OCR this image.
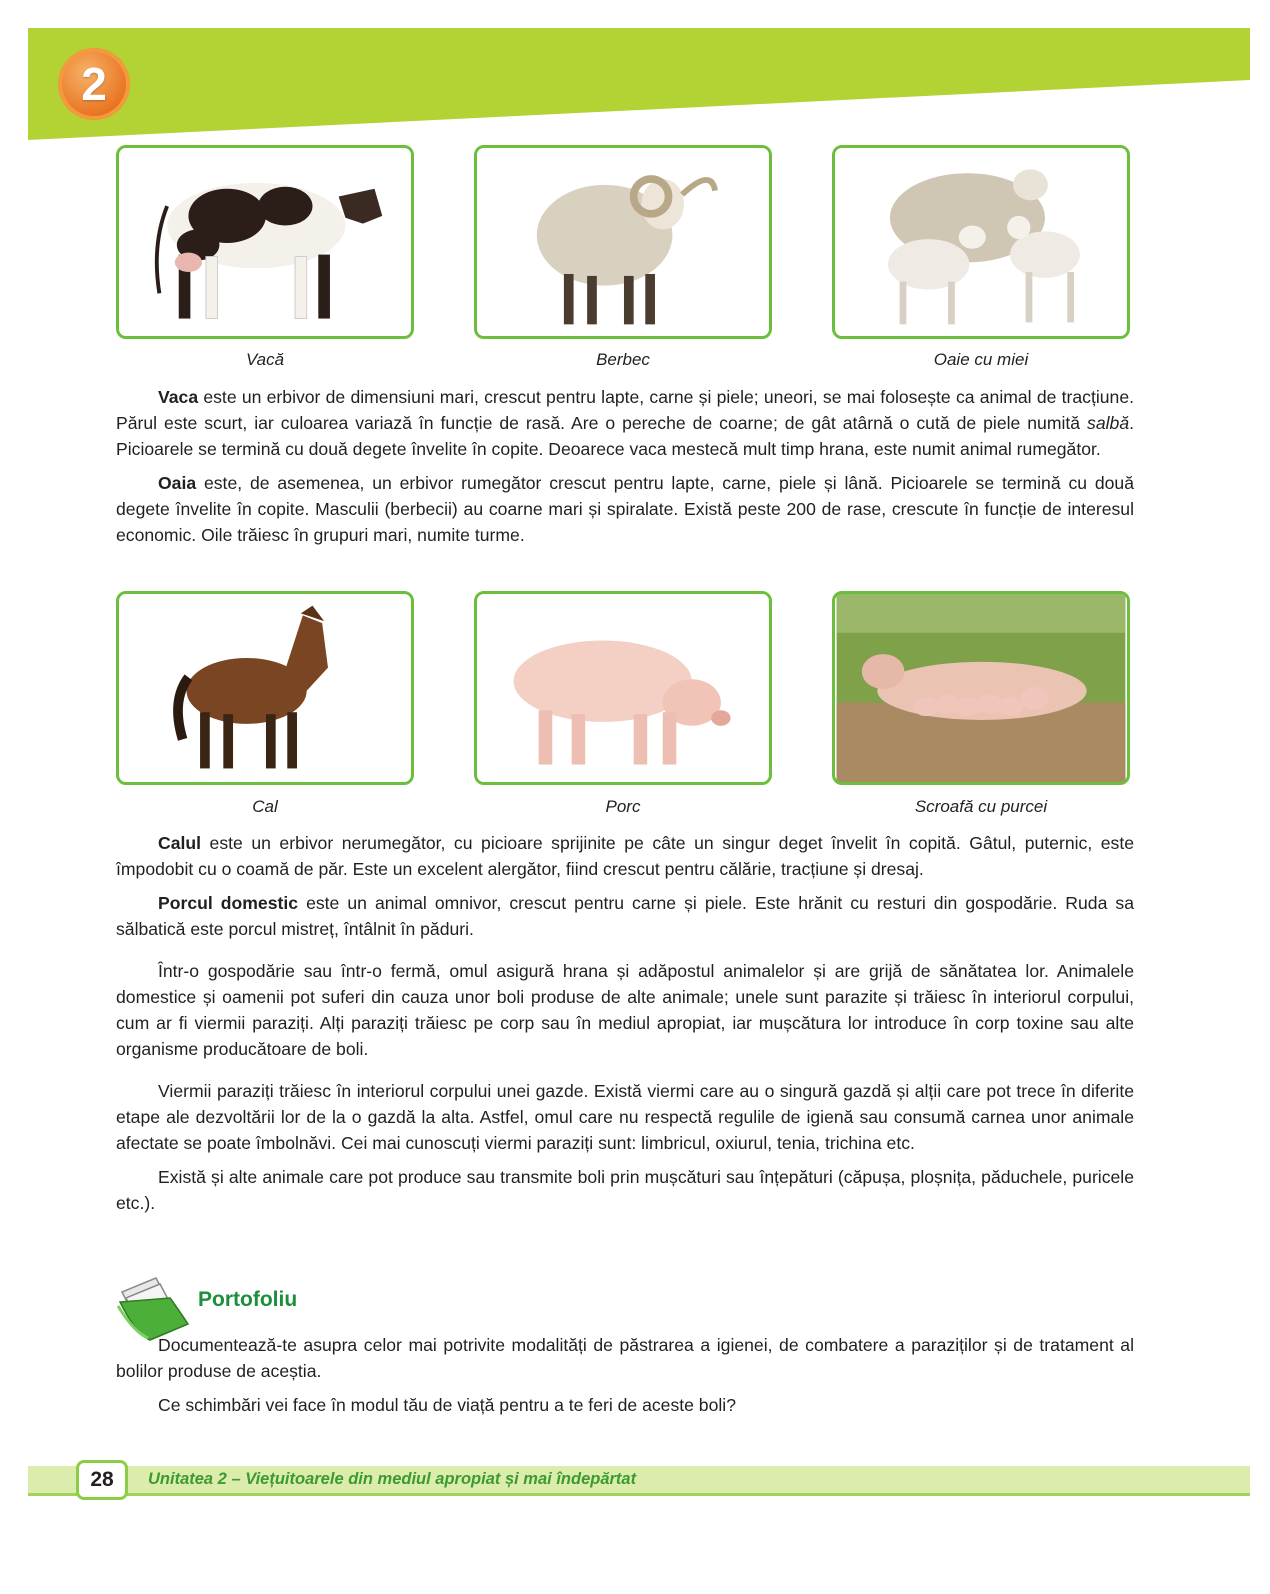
2
Vacă	Berbec	Oaie cu miei

Vaca este un erbivor de dimensiuni mari, crescut pentru lapte, carne și piele; uneori, se mai folosește ca animal de tracțiune. Părul este scurt, iar culoarea variază în funcție de rasă. Are o pereche de coarne; de gât atârnă o cută de piele numită salbă. Picioarele se termină cu două degete învelite în copite. Deoarece vaca mestecă mult timp hrana, este numit animal rumegător.

Oaia este, de asemenea, un erbivor rumegător crescut pentru lapte, carne, piele și lână. Picioarele se termină cu două degete învelite în copite. Masculii (berbecii) au coarne mari și spiralate. Există peste 200 de rase, crescute în funcție de interesul economic. Oile trăiesc în grupuri mari, numite turme.

Cal	Porc	Scroafă cu purcei

Calul este un erbivor nerumegător, cu picioare sprijinite pe câte un singur deget învelit în copită. Gâtul, puternic, este împodobit cu o coamă de păr. Este un excelent alergător, fiind crescut pentru călărie, tracțiune și dresaj.

Porcul domestic este un animal omnivor, crescut pentru carne și piele. Este hrănit cu resturi din gospodărie. Ruda sa sălbatică este porcul mistreț, întâlnit în păduri.

Într-o gospodărie sau într-o fermă, omul asigură hrana și adăpostul animalelor și are grijă de sănătatea lor. Animalele domestice și oamenii pot suferi din cauza unor boli produse de alte animale; unele sunt parazite și trăiesc în interiorul corpului, cum ar fi viermii paraziți. Alți paraziți trăiesc pe corp sau în mediul apropiat, iar mușcătura lor introduce în corp toxine sau alte organisme producătoare de boli.

Viermii paraziți trăiesc în interiorul corpului unei gazde. Există viermi care au o singură gazdă și alții care pot trece în diferite etape ale dezvoltării lor de la o gazdă la alta. Astfel, omul care nu respectă regulile de igienă sau consumă carnea unor animale afectate se poate îmbolnăvi. Cei mai cunoscuți viermi paraziți sunt: limbricul, oxiurul, tenia, trichina etc.

Există și alte animale care pot produce sau transmite boli prin mușcături sau înțepături (căpușa, ploșnița, păduchele, puricele etc.).

Portofoliu

Documentează-te asupra celor mai potrivite modalități de păstrarea a igienei, de combatere a paraziților și de tratament al bolilor produse de aceștia.

Ce schimbări vei face în modul tău de viață pentru a te feri de aceste boli?

28	Unitatea 2 – Viețuitoarele din mediul apropiat și mai îndepărtat
